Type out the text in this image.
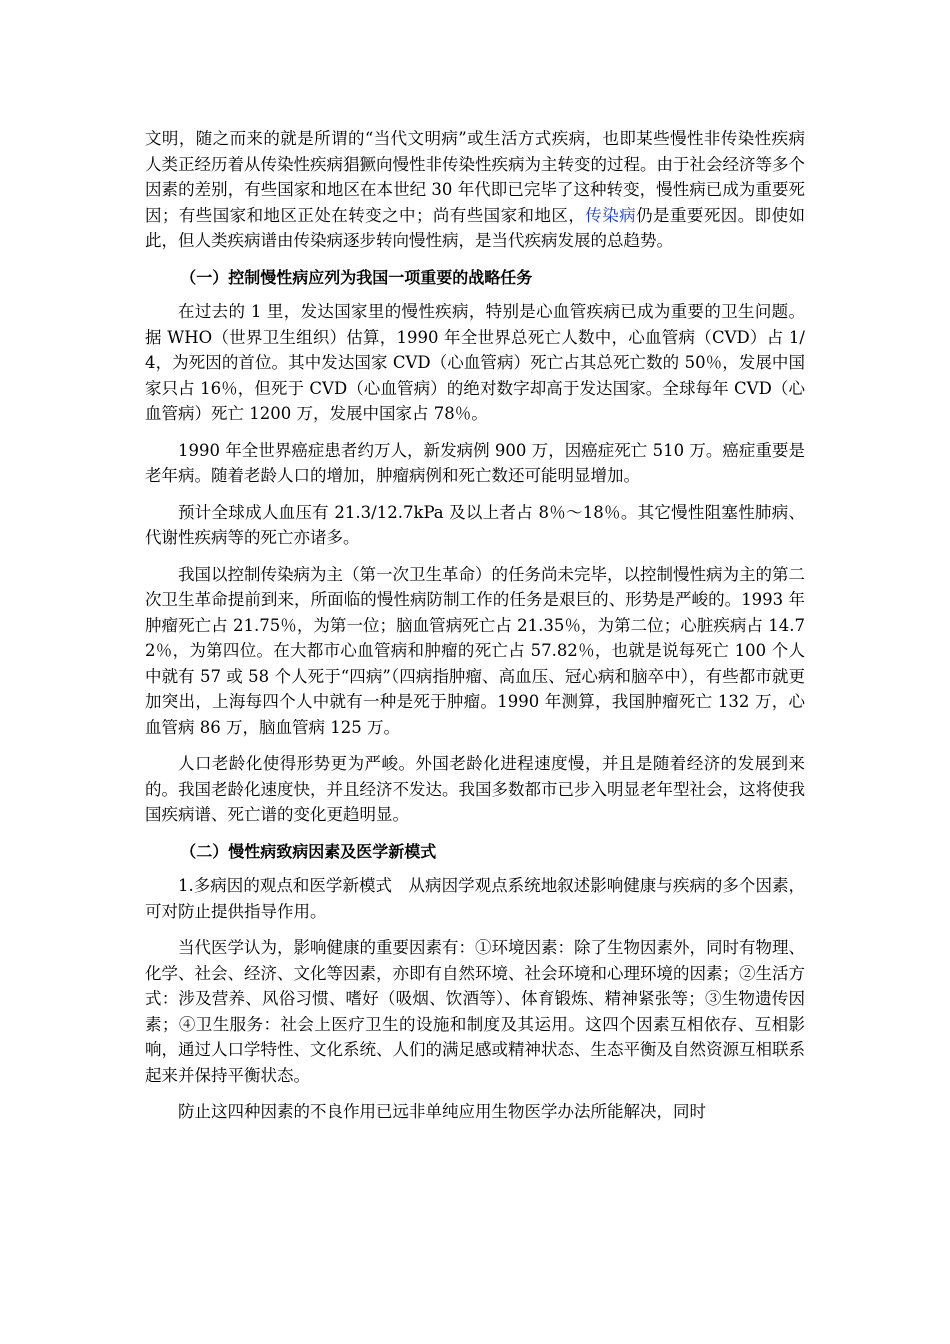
文明，随之而来的就是所谓的“当代文明病”或生活方式疾病，也即某些慢性非传染性疾病人类正经历着从传染性疾病猖獗向慢性非传染性疾病为主转变的过程。由于社会经济等多个因素的差别，有些国家和地区在本世纪 30 年代即已完毕了这种转变，慢性病已成为重要死因；有些国家和地区正处在转变之中；尚有些国家和地区，传染病仍是重要死因。即使如此，但人类疾病谱由传染病逐步转向慢性病，是当代疾病发展的总趋势。

（一）控制慢性病应列为我国一项重要的战略任务

在过去的 1 里，发达国家里的慢性疾病，特别是心血管疾病已成为重要的卫生问题。据 WHO（世界卫生组织）估算，1990 年全世界总死亡人数中，心血管病（CVD）占 1/4，为死因的首位。其中发达国家 CVD（心血管病）死亡占其总死亡数的 50％，发展中国家只占 16％，但死于 CVD（心血管病）的绝对数字却高于发达国家。全球每年 CVD（心血管病）死亡 1200 万，发展中国家占 78％。

1990 年全世界癌症患者约万人，新发病例 900 万，因癌症死亡 510 万。癌症重要是老年病。随着老龄人口的增加，肿瘤病例和死亡数还可能明显增加。

预计全球成人血压有 21.3/12.7kPa 及以上者占 8％～18％。其它慢性阻塞性肺病、代谢性疾病等的死亡亦诸多。

我国以控制传染病为主（第一次卫生革命）的任务尚未完毕，以控制慢性病为主的第二次卫生革命提前到来，所面临的慢性病防制工作的任务是艰巨的、形势是严峻的。1993 年肿瘤死亡占 21.75％，为第一位；脑血管病死亡占 21.35％，为第二位；心脏疾病占 14.72％，为第四位。在大都市心血管病和肿瘤的死亡占 57.82％，也就是说每死亡 100 个人中就有 57 或 58 个人死于“四病”（四病指肿瘤、高血压、冠心病和脑卒中），有些都市就更加突出，上海每四个人中就有一种是死于肿瘤。1990 年测算，我国肿瘤死亡 132 万，心血管病 86 万，脑血管病 125 万。

人口老龄化使得形势更为严峻。外国老龄化进程速度慢，并且是随着经济的发展到来的。我国老龄化速度快，并且经济不发达。我国多数都市已步入明显老年型社会，这将使我国疾病谱、死亡谱的变化更趋明显。

（二）慢性病致病因素及医学新模式

1.多病因的观点和医学新模式　从病因学观点系统地叙述影响健康与疾病的多个因素，可对防止提供指导作用。

当代医学认为，影响健康的重要因素有：①环境因素：除了生物因素外，同时有物理、化学、社会、经济、文化等因素，亦即有自然环境、社会环境和心理环境的因素；②生活方式：涉及营养、风俗习惯、嗜好（吸烟、饮酒等）、体育锻炼、精神紧张等；③生物遗传因素；④卫生服务：社会上医疗卫生的设施和制度及其运用。这四个因素互相依存、互相影响，通过人口学特性、文化系统、人们的满足感或精神状态、生态平衡及自然资源互相联系起来并保持平衡状态。

防止这四种因素的不良作用已远非单纯应用生物医学办法所能解决，同时
